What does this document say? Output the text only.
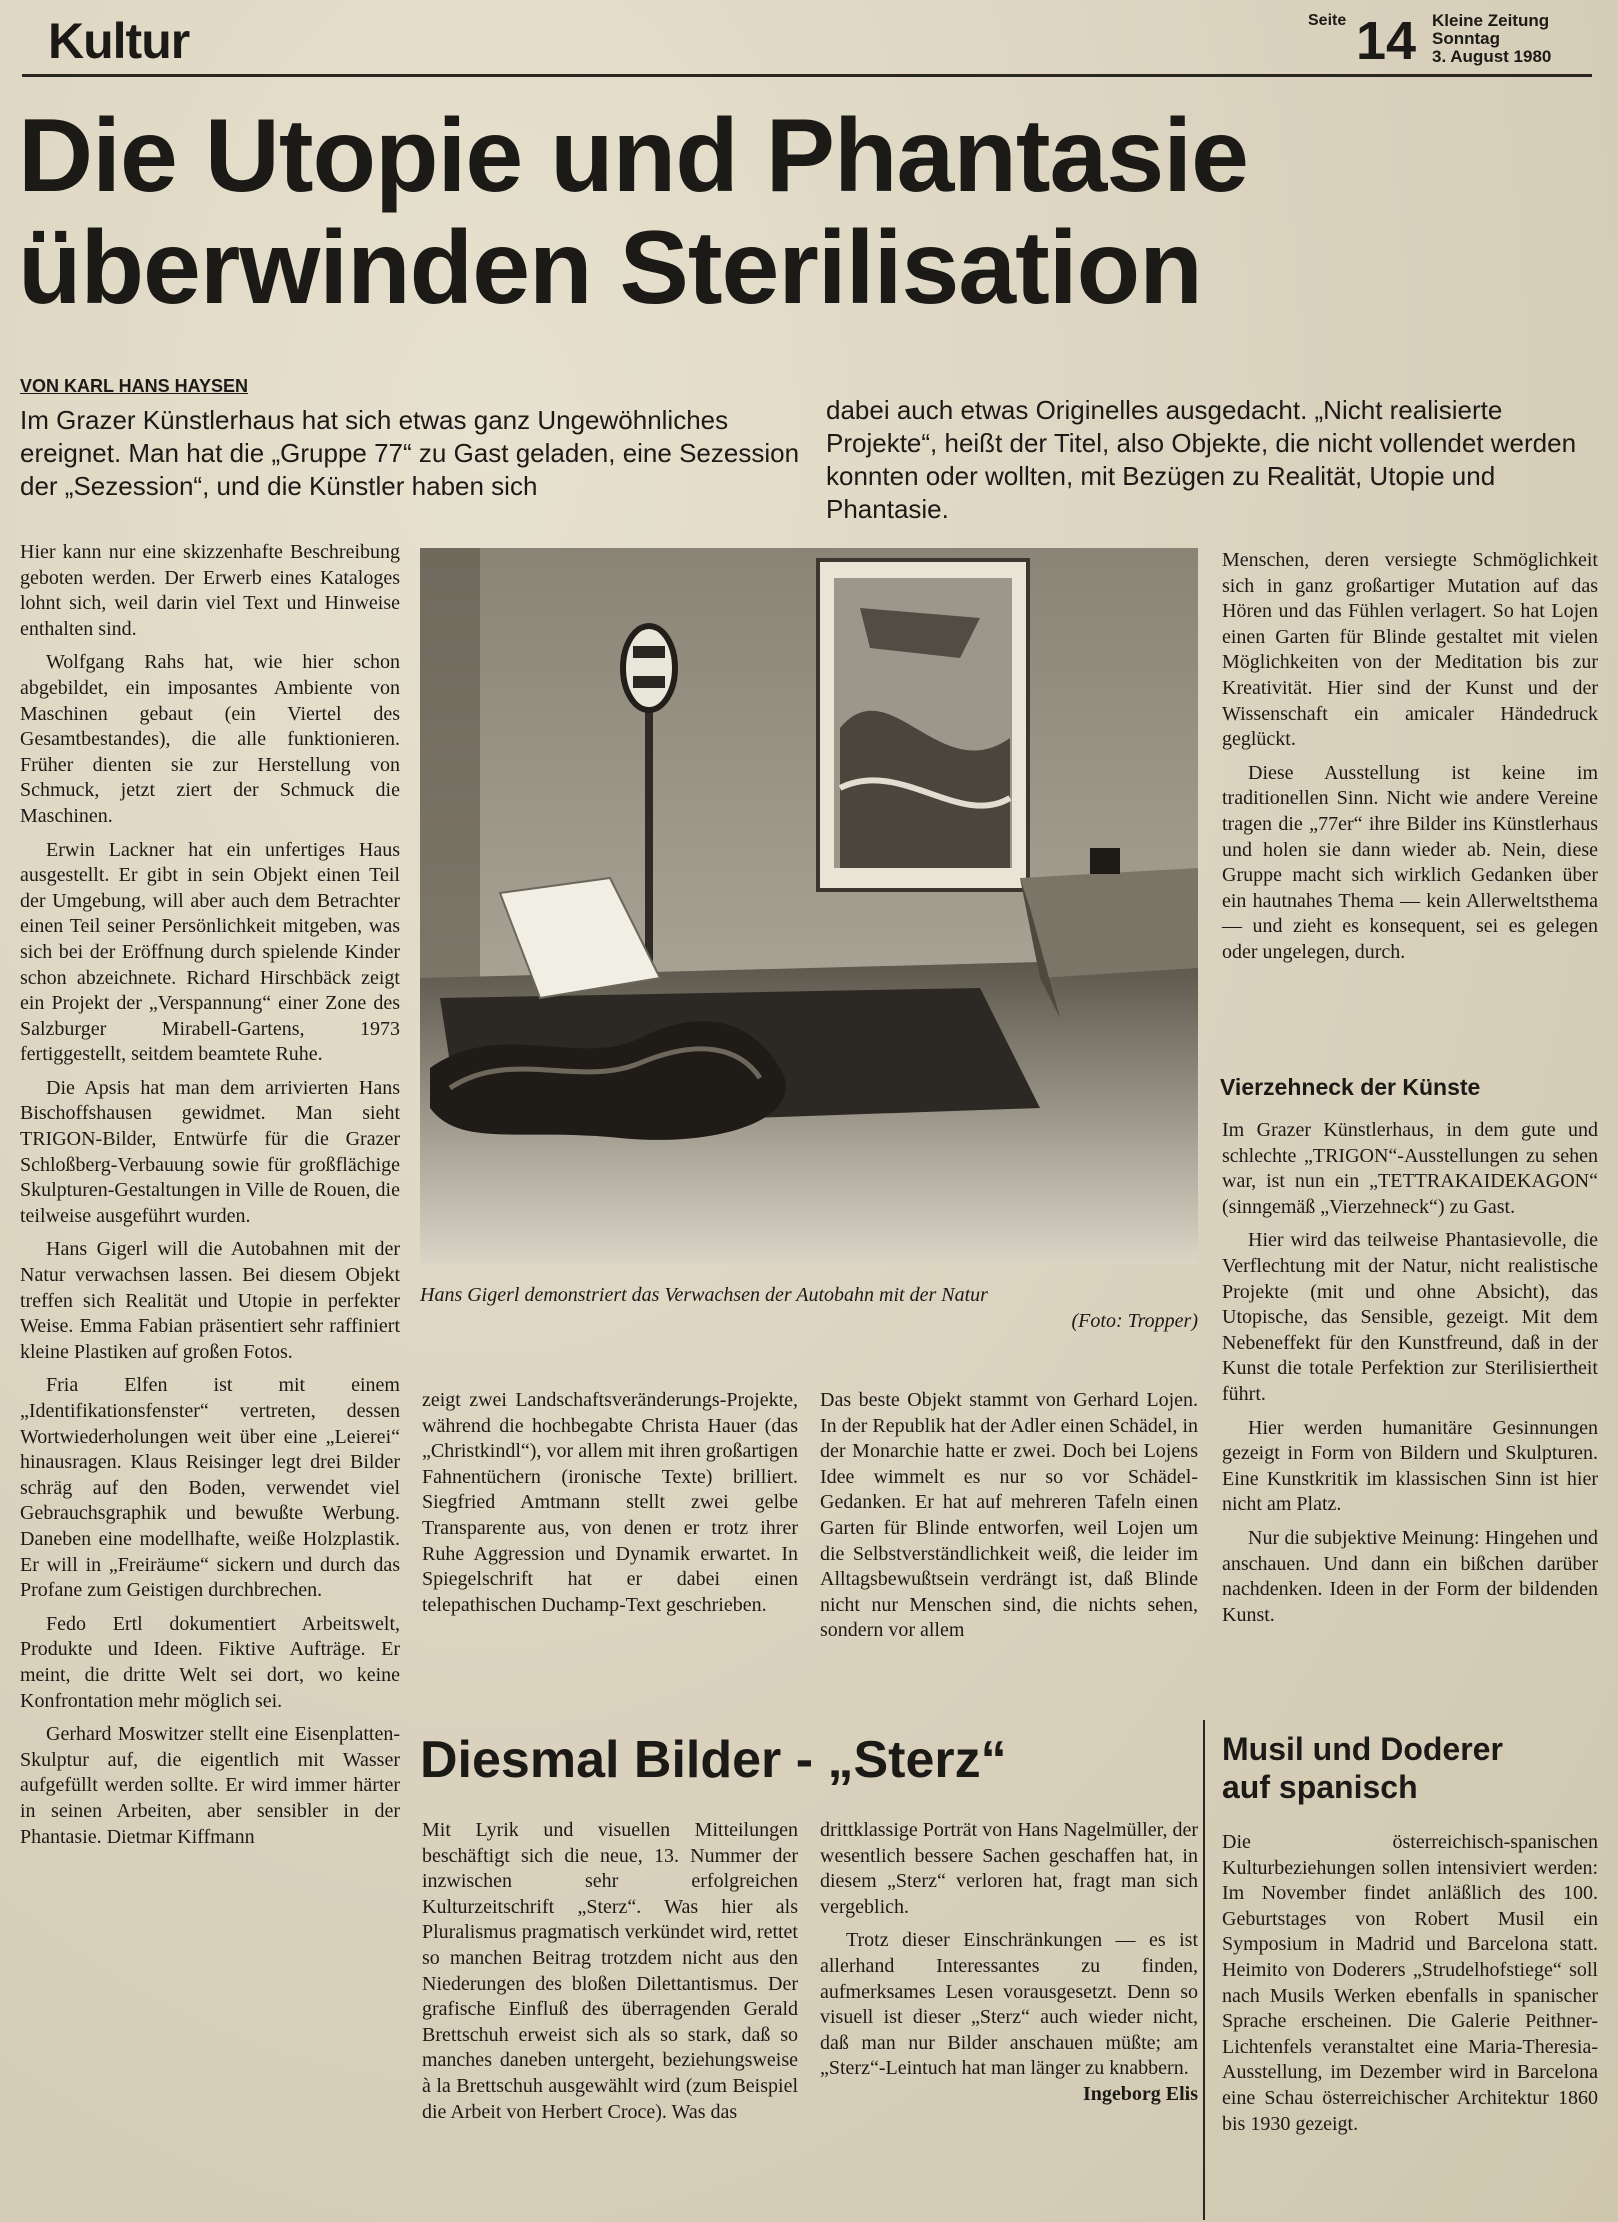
Kultur	Seite 14 Kleine Zeitung
Sonntag
3. August 1980
Die Utopie und Phantasie
überwinden Sterilisation
VON KARL HANS HAYSEN
Im Grazer Künstlerhaus hat sich etwas ganz Ungewöhnliches ereignet. Man hat die „Gruppe 77“ zu Gast geladen, eine Sezession der „Sezession“, und die Künstler haben sich
dabei auch etwas Originelles ausgedacht. „Nicht realisierte Projekte“, heißt der Titel, also Objekte, die nicht vollendet werden konnten oder wollten, mit Bezügen zu Realität, Utopie und Phantasie.

Hier kann nur eine skizzenhafte Beschreibung geboten werden. Der Erwerb eines Kataloges lohnt sich, weil darin viel Text und Hinweise enthalten sind.

Wolfgang Rahs hat, wie hier schon abgebildet, ein imposantes Ambiente von Maschinen gebaut (ein Viertel des Gesamtbestandes), die alle funktionieren. Früher dienten sie zur Herstellung von Schmuck, jetzt ziert der Schmuck die Maschinen.

Erwin Lackner hat ein unfertiges Haus ausgestellt. Er gibt in sein Objekt einen Teil der Umgebung, will aber auch dem Betrachter einen Teil seiner Persönlichkeit mitgeben, was sich bei der Eröffnung durch spielende Kinder schon abzeichnete. Richard Hirschbäck zeigt ein Projekt der „Verspannung“ einer Zone des Salzburger Mirabell-Gartens, 1973 fertiggestellt, seitdem beamtete Ruhe.

Die Apsis hat man dem arrivierten Hans Bischoffshausen gewidmet. Man sieht TRIGON-Bilder, Entwürfe für die Grazer Schloßberg-Verbauung sowie für großflächige Skulpturen-Gestaltungen in Ville de Rouen, die teilweise ausgeführt wurden.

Hans Gigerl will die Autobahnen mit der Natur verwachsen lassen. Bei diesem Objekt treffen sich Realität und Utopie in perfekter Weise. Emma Fabian präsentiert sehr raffiniert kleine Plastiken auf großen Fotos.

Fria Elfen ist mit einem „Identifikationsfenster“ vertreten, dessen Wortwiederholungen weit über eine „Leierei“ hinausragen. Klaus Reisinger legt drei Bilder schräg auf den Boden, verwendet viel Gebrauchsgraphik und bewußte Werbung. Daneben eine modellhafte, weiße Holzplastik. Er will in „Freiräume“ sickern und durch das Profane zum Geistigen durchbrechen.

Fedo Ertl dokumentiert Arbeitswelt, Produkte und Ideen. Fiktive Aufträge. Er meint, die dritte Welt sei dort, wo keine Konfrontation mehr möglich sei.

Gerhard Moswitzer stellt eine Eisenplatten-Skulptur auf, die eigentlich mit Wasser aufgefüllt werden sollte. Er wird immer härter in seinen Arbeiten, aber sensibler in der Phantasie. Dietmar Kiffmann

Hans Gigerl demonstriert das Verwachsen der Autobahn mit der Natur
(Foto: Tropper)

zeigt zwei Landschaftsveränderungs-Projekte, während die hochbegabte Christa Hauer (das „Christkindl“), vor allem mit ihren großartigen Fahnentüchern (ironische Texte) brilliert. Siegfried Amtmann stellt zwei gelbe Transparente aus, von denen er trotz ihrer Ruhe Aggression und Dynamik erwartet. In Spiegelschrift hat er dabei einen telepathischen Duchamp-Text geschrieben.

Das beste Objekt stammt von Gerhard Lojen. In der Republik hat der Adler einen Schädel, in der Monarchie hatte er zwei. Doch bei Lojens Idee wimmelt es nur so vor Schädel-Gedanken. Er hat auf mehreren Tafeln einen Garten für Blinde entworfen, weil Lojen um die Selbstverständlichkeit weiß, die leider im Alltagsbewußtsein verdrängt ist, daß Blinde nicht nur Menschen sind, die nichts sehen, sondern vor allem

Menschen, deren versiegte Schmöglichkeit sich in ganz großartiger Mutation auf das Hören und das Fühlen verlagert. So hat Lojen einen Garten für Blinde gestaltet mit vielen Möglichkeiten von der Meditation bis zur Kreativität. Hier sind der Kunst und der Wissenschaft ein amicaler Händedruck geglückt.

Diese Ausstellung ist keine im traditionellen Sinn. Nicht wie andere Vereine tragen die „77er“ ihre Bilder ins Künstlerhaus und holen sie dann wieder ab. Nein, diese Gruppe macht sich wirklich Gedanken über ein hautnahes Thema — kein Allerweltsthema — und zieht es konsequent, sei es gelegen oder ungelegen, durch.

Vierzehneck der Künste

Im Grazer Künstlerhaus, in dem gute und schlechte „TRIGON“-Ausstellungen zu sehen war, ist nun ein „TETTRAKAIDEKAGON“ (sinngemäß „Vierzehneck“) zu Gast.

Hier wird das teilweise Phantasievolle, die Verflechtung mit der Natur, nicht realistische Projekte (mit und ohne Absicht), das Utopische, das Sensible, gezeigt. Mit dem Nebeneffekt für den Kunstfreund, daß in der Kunst die totale Perfektion zur Sterilisiertheit führt.

Hier werden humanitäre Gesinnungen gezeigt in Form von Bildern und Skulpturen. Eine Kunstkritik im klassischen Sinn ist hier nicht am Platz.

Nur die subjektive Meinung: Hingehen und anschauen. Und dann ein bißchen darüber nachdenken. Ideen in der Form der bildenden Kunst.

Diesmal Bilder - „Sterz“

Mit Lyrik und visuellen Mitteilungen beschäftigt sich die neue, 13. Nummer der inzwischen sehr erfolgreichen Kulturzeitschrift „Sterz“. Was hier als Pluralismus pragmatisch verkündet wird, rettet so manchen Beitrag trotzdem nicht aus den Niederungen des bloßen Dilettantismus. Der grafische Einfluß des überragenden Gerald Brettschuh erweist sich als so stark, daß so manches daneben untergeht, beziehungsweise à la Brettschuh ausgewählt wird (zum Beispiel die Arbeit von Herbert Croce). Was das

drittklassige Porträt von Hans Nagelmüller, der wesentlich bessere Sachen geschaffen hat, in diesem „Sterz“ verloren hat, fragt man sich vergeblich.

Trotz dieser Einschränkungen — es ist allerhand Interessantes zu finden, aufmerksames Lesen vorausgesetzt. Denn so visuell ist dieser „Sterz“ auch wieder nicht, daß man nur Bilder anschauen müßte; am „Sterz“-Leintuch hat man länger zu knabbern.

Ingeborg Elis
Musil und Doderer
auf spanisch

Die österreichisch-spanischen Kulturbeziehungen sollen intensiviert werden: Im November findet anläßlich des 100. Geburtstages von Robert Musil ein Symposium in Madrid und Barcelona statt. Heimito von Doderers „Strudelhofstiege“ soll nach Musils Werken ebenfalls in spanischer Sprache erscheinen. Die Galerie Peithner-Lichtenfels veranstaltet eine Maria-Theresia-Ausstellung, im Dezember wird in Barcelona eine Schau österreichischer Architektur 1860 bis 1930 gezeigt.
